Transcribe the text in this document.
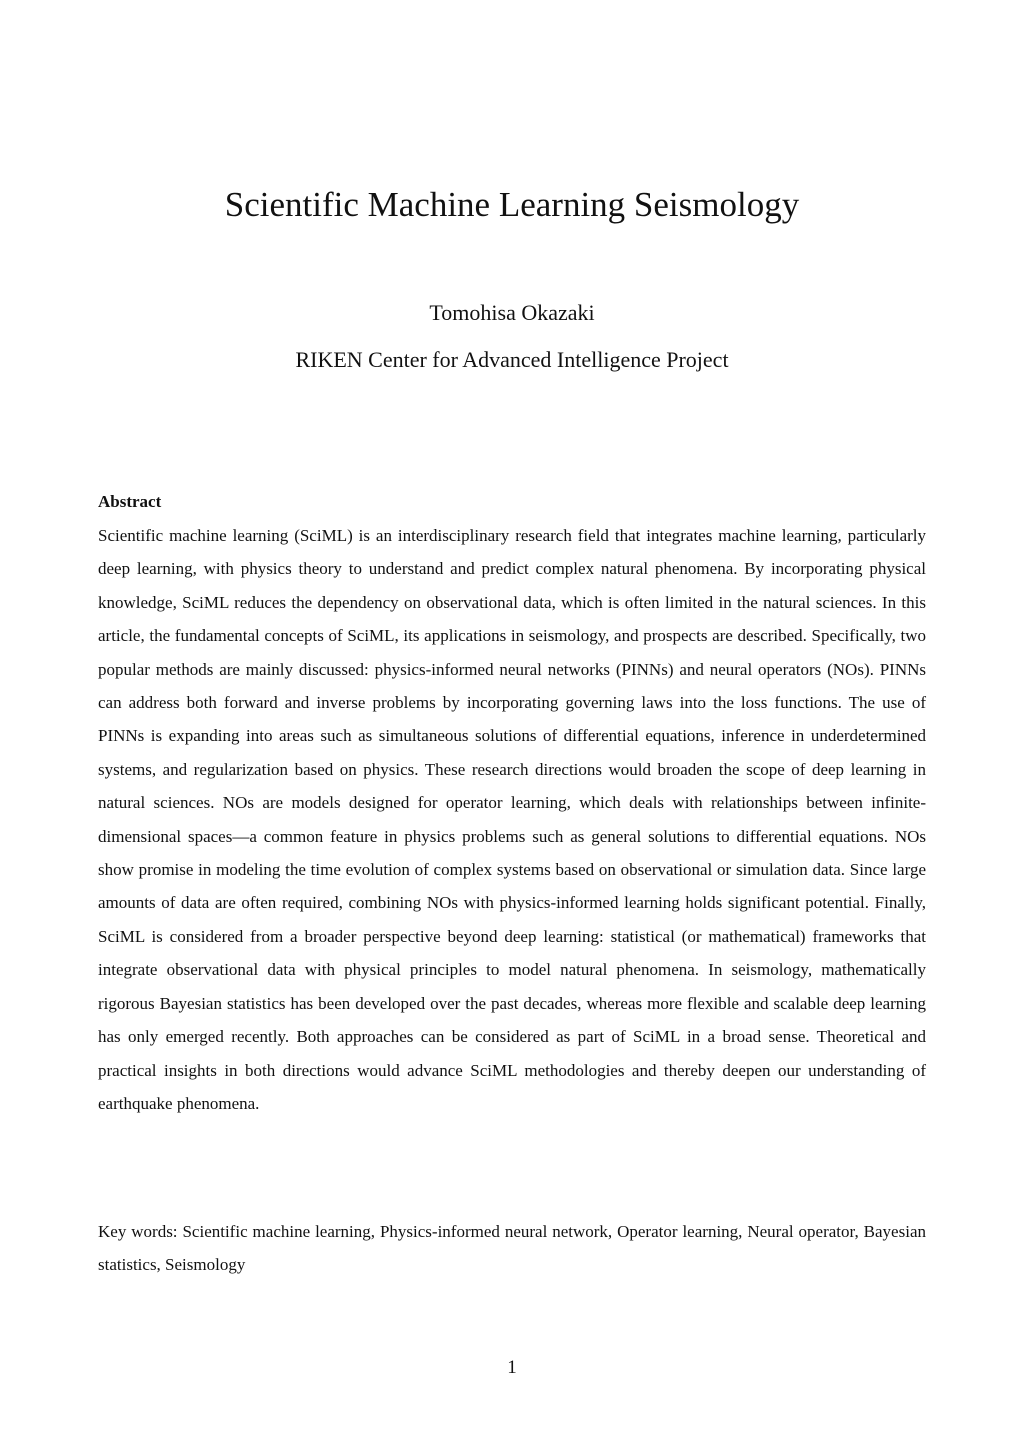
Scientific Machine Learning Seismology

Tomohisa Okazaki

RIKEN Center for Advanced Intelligence Project

Abstract

Scientific machine learning (SciML) is an interdisciplinary research field that integrates machine learning, particularly deep learning, with physics theory to understand and predict complex natural phenomena. By incorporating physical knowledge, SciML reduces the dependency on observational data, which is often limited in the natural sciences. In this article, the fundamental concepts of SciML, its applications in seismology, and prospects are described. Specifically, two popular methods are mainly discussed: physics-informed neural networks (PINNs) and neural operators (NOs). PINNs can address both forward and inverse problems by incorporating governing laws into the loss functions. The use of PINNs is expanding into areas such as simultaneous solutions of differential equations, inference in underdetermined systems, and regularization based on physics. These research directions would broaden the scope of deep learning in natural sciences. NOs are models designed for operator learning, which deals with relationships between infinite-dimensional spaces—a common feature in physics problems such as general solutions to differential equations. NOs show promise in modeling the time evolution of complex systems based on observational or simulation data. Since large amounts of data are often required, combining NOs with physics-informed learning holds significant potential. Finally, SciML is considered from a broader perspective beyond deep learning: statistical (or mathematical) frameworks that integrate observational data with physical principles to model natural phenomena. In seismology, mathematically rigorous Bayesian statistics has been developed over the past decades, whereas more flexible and scalable deep learning has only emerged recently. Both approaches can be considered as part of SciML in a broad sense. Theoretical and practical insights in both directions would advance SciML methodologies and thereby deepen our understanding of earthquake phenomena.

Key words: Scientific machine learning, Physics-informed neural network, Operator learning, Neural operator, Bayesian statistics, Seismology

1
